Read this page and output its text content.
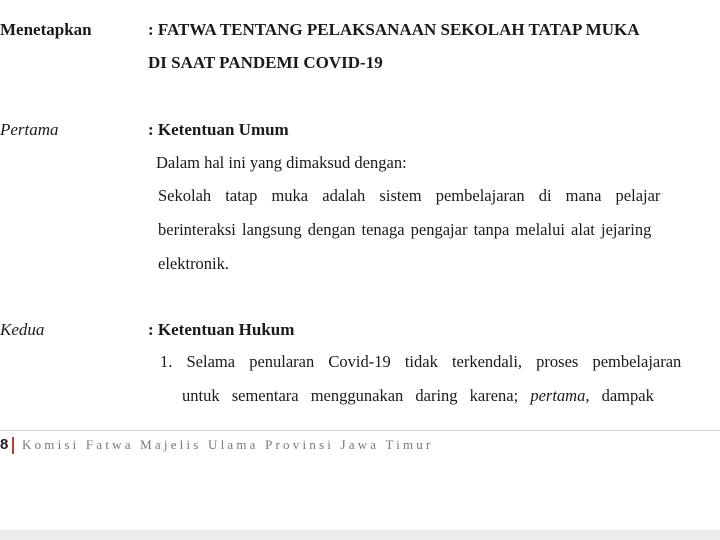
Menetapkan	: FATWA TENTANG PELAKSANAAN SEKOLAH TATAP MUKA
DI SAAT PANDEMI COVID-19
Pertama	: Ketentuan Umum
Dalam hal ini yang dimaksud dengan:
Sekolah tatap muka adalah sistem pembelajaran di mana pelajar
berinteraksi langsung dengan tenaga pengajar tanpa melalui alat jejaring
elektronik.
Kedua	: Ketentuan Hukum
1. Selama penularan Covid-19 tidak terkendali, proses pembelajaran
untuk sementara menggunakan daring karena; pertama, dampak
8 Komisi Fatwa Majelis Ulama Provinsi Jawa Timur
